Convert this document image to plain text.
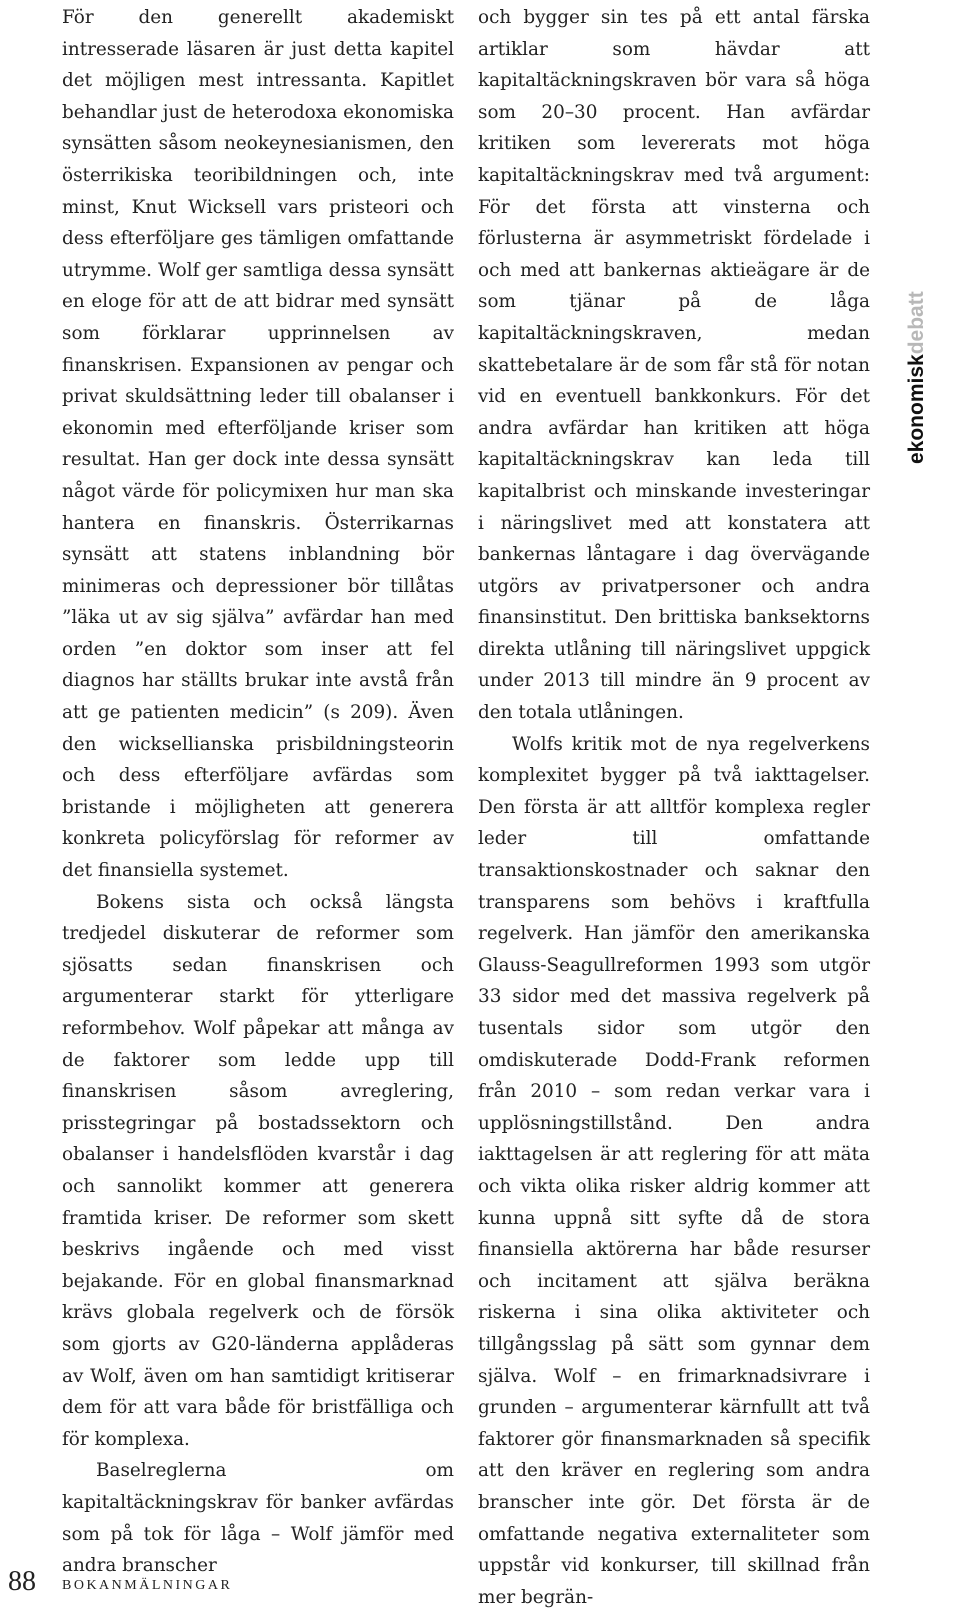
För den generellt akademiskt intresserade läsaren är just detta kapitel det möjligen mest intressanta. Kapitlet behandlar just de heterodoxa ekonomiska synsätten såsom neokeynesianismen, den österrikiska teoribildningen och, inte minst, Knut Wicksell vars pristeori och dess efterföljare ges tämligen omfattande utrymme. Wolf ger samtliga dessa synsätt en eloge för att de att bidrar med synsätt som förklarar upprinnelsen av finanskrisen. Expansionen av pengar och privat skuldsättning leder till obalanser i ekonomin med efterföljande kriser som resultat. Han ger dock inte dessa synsätt något värde för policymixen hur man ska hantera en finanskris. Österrikarnas synsätt att statens inblandning bör minimeras och depressioner bör tillåtas ”läka ut av sig själva” avfärdar han med orden ”en doktor som inser att fel diagnos har ställts brukar inte avstå från att ge patienten medicin” (s 209). Även den wicksellianska prisbildningsteorin och dess efterföljare avfärdas som bristande i möjligheten att generera konkreta policyförslag för reformer av det finansiella systemet.

Bokens sista och också längsta tredjedel diskuterar de reformer som sjösatts sedan finanskrisen och argumenterar starkt för ytterligare reformbehov. Wolf påpekar att många av de faktorer som ledde upp till finanskrisen såsom avreglering, prisstegringar på bostadssektorn och obalanser i handelsflöden kvarstår i dag och sannolikt kommer att generera framtida kriser. De reformer som skett beskrivs ingående och med visst bejakande. För en global finansmarknad krävs globala regelverk och de försök som gjorts av G20-länderna applåderas av Wolf, även om han samtidigt kritiserar dem för att vara både för bristfälliga och för komplexa.

Baselreglerna om kapitaltäckningskrav för banker avfärdas som på tok för låga – Wolf jämför med andra branscher

och bygger sin tes på ett antal färska artiklar som hävdar att kapitaltäckningskraven bör vara så höga som 20–30 procent. Han avfärdar kritiken som levererats mot höga kapitaltäckningskrav med två argument: För det första att vinsterna och förlusterna är asymmetriskt fördelade i och med att bankernas aktieägare är de som tjänar på de låga kapitaltäckningskraven, medan skattebetalare är de som får stå för notan vid en eventuell bankkonkurs. För det andra avfärdar han kritiken att höga kapitaltäckningskrav kan leda till kapitalbrist och minskande investeringar i näringslivet med att konstatera att bankernas låntagare i dag övervägande utgörs av privatpersoner och andra finansinstitut. Den brittiska banksektorns direkta utlåning till näringslivet uppgick under 2013 till mindre än 9 procent av den totala utlåningen.

Wolfs kritik mot de nya regelverkens komplexitet bygger på två iakttagelser. Den första är att alltför komplexa regler leder till omfattande transaktionskostnader och saknar den transparens som behövs i kraftfulla regelverk. Han jämför den amerikanska Glauss-Seagullreformen 1993 som utgör 33 sidor med det massiva regelverk på tusentals sidor som utgör den omdiskuterade Dodd-Frank reformen från 2010 – som redan verkar vara i upplösningstillstånd. Den andra iakttagelsen är att reglering för att mäta och vikta olika risker aldrig kommer att kunna uppnå sitt syfte då de stora finansiella aktörerna har både resurser och incitament att själva beräkna riskerna i sina olika aktiviteter och tillgångsslag på sätt som gynnar dem själva. Wolf – en frimarknadsivrare i grunden – argumenterar kärnfullt att två faktorer gör finansmarknaden så specifik att den kräver en reglering som andra branscher inte gör. Det första är de omfattande negativa externaliteter som uppstår vid konkurser, till skillnad från mer begrän-

ekonomiskdebatt
88 BOKANMÄLNINGAR
